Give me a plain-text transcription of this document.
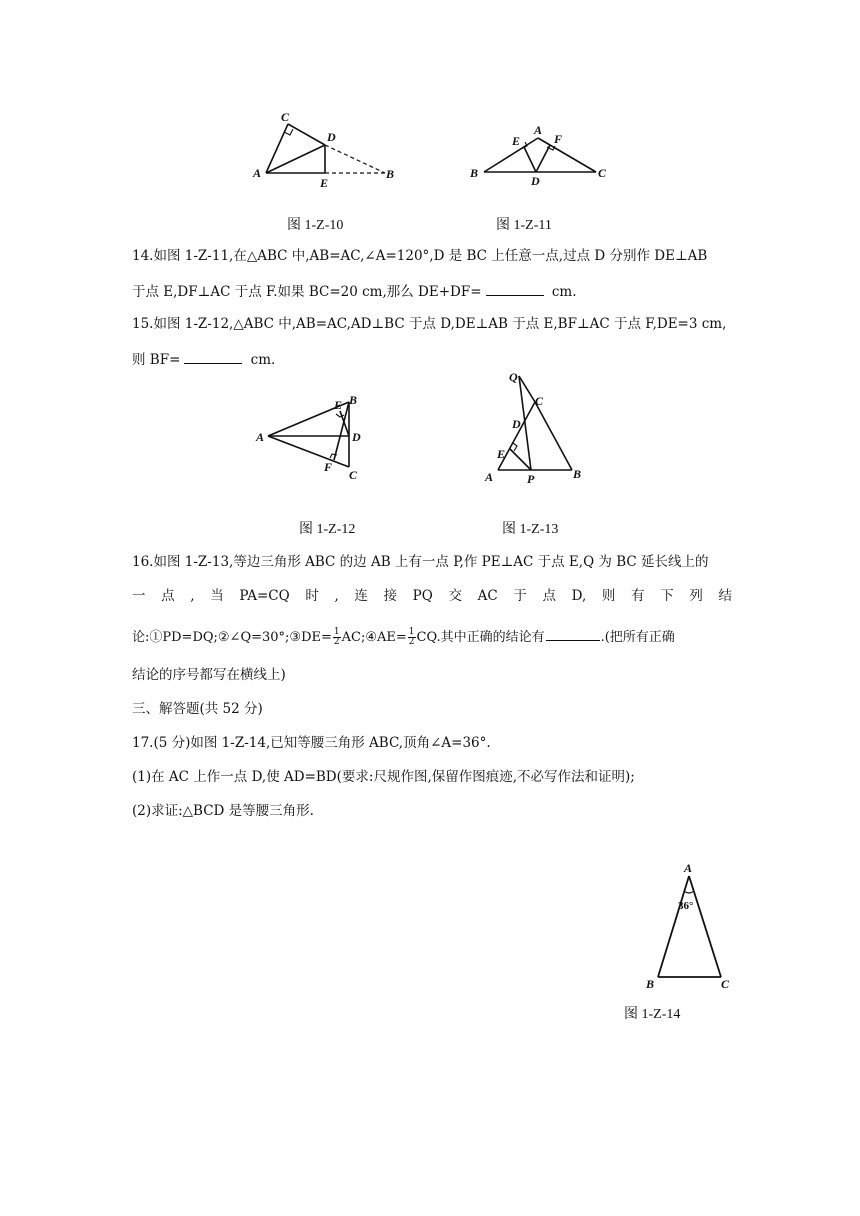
A
C
D
E
B	B
A
E	F
D
C
图 1-Z-10	图 1-Z-11
14.如图 1-Z-11,在△ABC 中,AB=AC,∠A=120°,D 是 BC 上任意一点,过点 D 分别作 DE⊥AB
于点 E,DF⊥AC 于点 F.如果 BC=20 cm,那么 DE+DF=	cm.
15.如图 1-Z-12,△ABC 中,AB=AC,AD⊥BC 于点 D,DE⊥AB 于点 E,BF⊥AC 于点 F,DE=3 cm,
则 BF=	cm.
A
E B
D
F
C
Q
C
D
E
A	P	B
图 1-Z-12	图 1-Z-13
16.如图 1-Z-13,等边三角形 ABC 的边 AB 上有一点 P,作 PE⊥AC 于点 E,Q 为 BC 延长线上的
一 点 , 当 PA=CQ 时 , 连 接 PQ 交 AC 于 点 D, 则 有 下 列 结
论:①PD=DQ;②∠Q=30°;③DE= $\frac{1}{2}$ AC;④AE= $\frac{1}{2}$ CQ.其中正确的结论有	.(把所有正确
结论的序号都写在横线上)
三、解答题(共 52 分)
17.(5 分)如图 1-Z-14,已知等腰三角形 ABC,顶角∠A=36°.
(1)在 AC 上作一点 D,使 AD=BD(要求:尺规作图,保留作图痕迹,不必写作法和证明);
(2)求证:△BCD 是等腰三角形.
A
36°
B	C
图 1-Z-14
